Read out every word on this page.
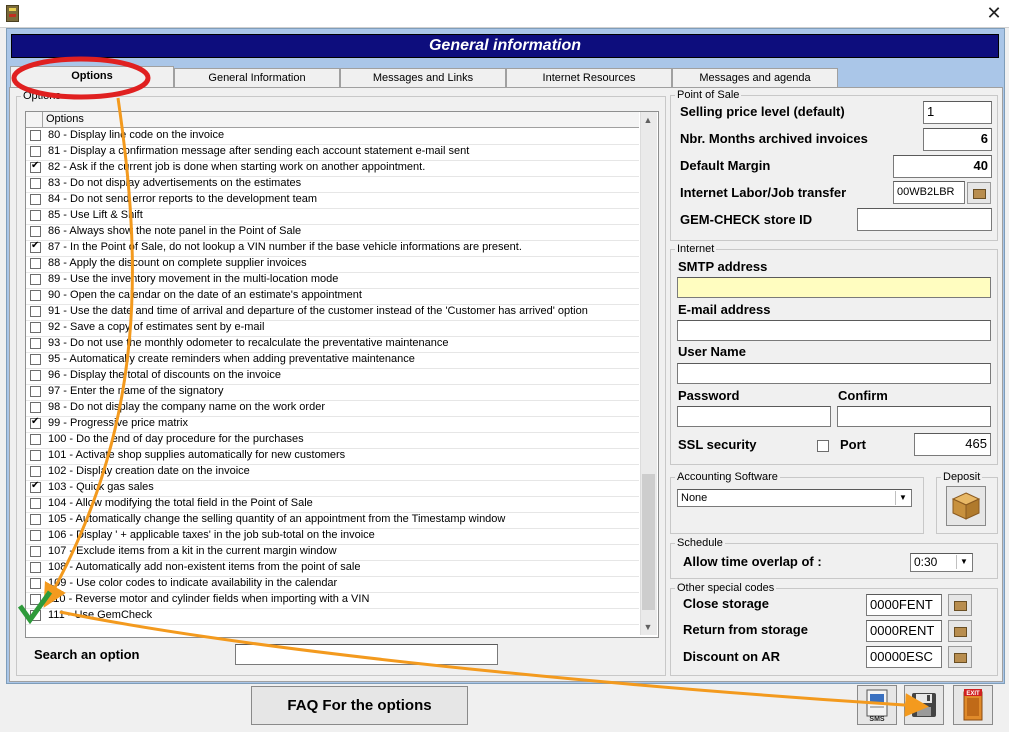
✕
General information
Options	General Information	Messages and Links	Internet Resources	Messages and agenda
Options
Options
80 - Display line code on the invoice
81 - Display a confirmation message after sending each account statement e-mail sent
✔
82 - Ask if the current job is done when starting work on another appointment.
83 - Do not display advertisements on the estimates
84 - Do not send error reports to the development team
85 - Use Lift & Shift
86 - Always show the note panel in the Point of Sale
✔
87 - In the Point of Sale, do not lookup a VIN number if the base vehicle informations are present.
88 - Apply the discount on complete supplier invoices
89 - Use the inventory movement in the multi-location mode
90 - Open the calendar on the date of an estimate's appointment
91 - Use the date and time of arrival and departure of the customer instead of the 'Customer has arrived' option
92 - Save a copy of estimates sent by e-mail
93 - Do not use the monthly odometer to recalculate the preventative maintenance
95 - Automatically create reminders when adding preventative maintenance
96 - Display the total of discounts on the invoice
97 - Enter the name of the signatory
98 - Do not display the company name on the work order
✔
99 - Progressive price matrix
100 - Do the end of day procedure for the purchases
101 - Activate shop supplies automatically for new customers
102 - Display creation date on the invoice
✔
103 - Quick gas sales
104 - Allow modifying the total field in the Point of Sale
105 - Automatically change the selling quantity of an appointment from the Timestamp window
106 - Display ' + applicable taxes' in the job sub-total on the invoice
107 - Exclude items from a kit in the current margin window
108 - Automatically add non-existent items from the point of sale
109 - Use color codes to indicate availability in the calendar
110 - Reverse motor and cylinder fields when importing with a VIN
111 - Use GemCheck
▲
▼
Search an option
Point of Sale
Selling price level (default)	1
Nbr. Months archived invoices	6
Default Margin	40
Internet Labor/Job transfer	00WB2LBR
GEM-CHECK store ID
Internet
SMTP address
E-mail address
User Name
Password	Confirm
SSL security	Port	465
Accounting Software
None	▼
Deposit
Schedule
Allow time overlap of :	0:30	▼
Other special codes
Close storage	0000FENT
Return from storage	0000RENT
Discount on AR	00000ESC
FAQ For the options
SMS
EXIT
